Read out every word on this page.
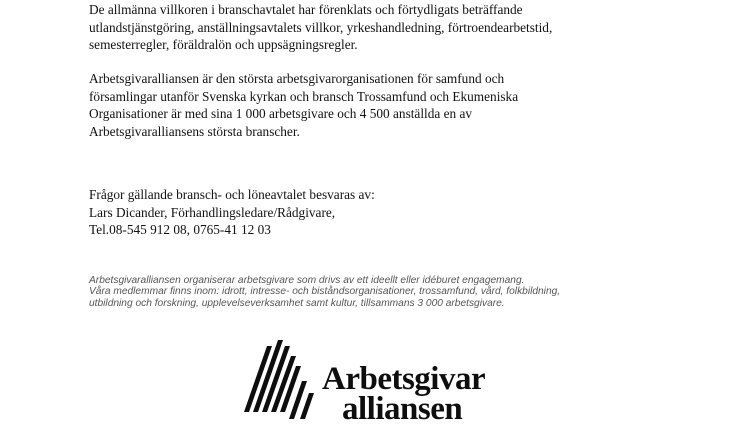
De allmänna villkoren i branschavtalet har förenklats och förtydligats beträffande
utlandstjänstgöring, anställningsavtalets villkor, yrkeshandledning, förtroendearbetstid,
semesterregler, föräldralön och uppsägningsregler.

Arbetsgivaralliansen är den största arbetsgivarorganisationen för samfund och
församlingar utanför Svenska kyrkan och bransch Trossamfund och Ekumeniska
Organisationer är med sina 1 000 arbetsgivare och 4 500 anställda en av
Arbetsgivaralliansens största branscher.

Frågor gällande bransch- och löneavtalet besvaras av:
Lars Dicander, Förhandlingsledare/Rådgivare,
Tel.08-545 912 08, 0765-41 12 03

Arbetsgivaralliansen organiserar arbetsgivare som drivs av ett ideellt eller idéburet engagemang.
Våra medlemmar finns inom: idrott, intresse- och biståndsorganisationer, trossamfund, vård, folkbildning,
utbildning och forskning, upplevelseverksamhet samt kultur, tillsammans 3 000 arbetsgivare.
Arbetsgivar
alliansen
